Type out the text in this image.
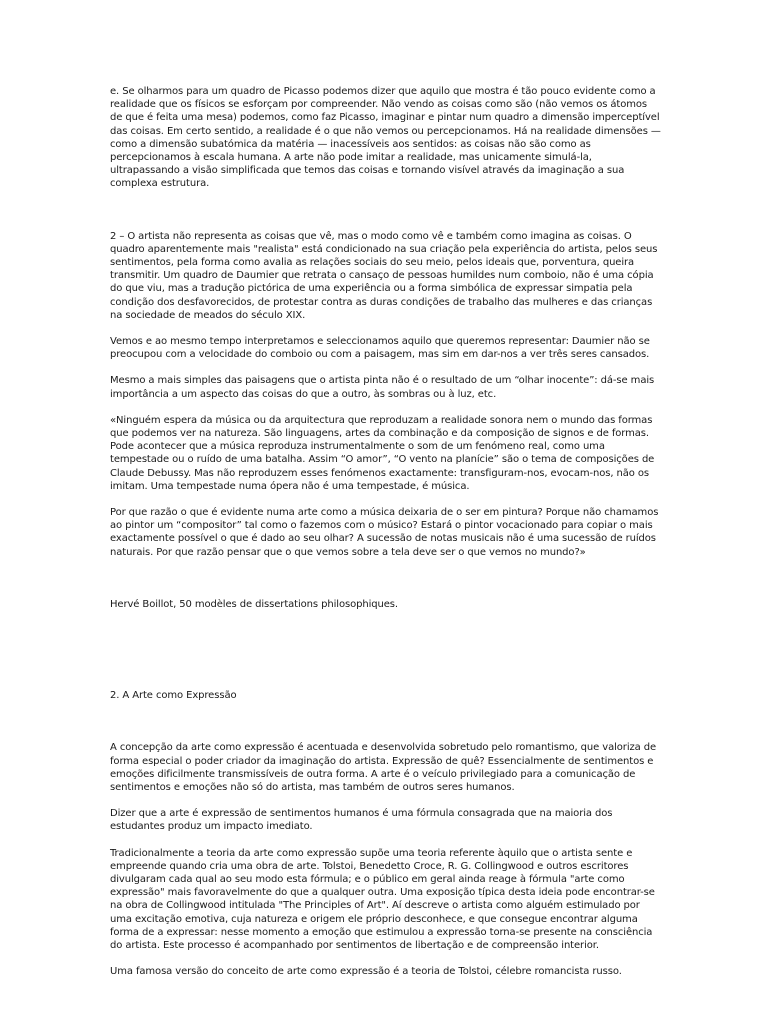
e. Se olharmos para um quadro de Picasso podemos dizer que aquilo que mostra é tão pouco evidente como a realidade que os físicos se esforçam por compreender. Não vendo as coisas como são (não vemos os átomos de que é feita uma mesa) podemos, como faz Picasso, imaginar e pintar num quadro a dimensão imperceptível das coisas. Em certo sentido, a realidade é o que não vemos ou percepcionamos. Há na realidade dimensões — como a dimensão subatómica da matéria — inacessíveis aos sentidos: as coisas não são como as percepcionamos à escala humana. A arte não pode imitar a realidade, mas unicamente simulá-la, ultrapassando a visão simplificada que temos das coisas e tornando visível através da imaginação a sua complexa estrutura.

2 – O artista não representa as coisas que vê, mas o modo como vê e também como imagina as coisas. O quadro aparentemente mais "realista" está condicionado na sua criação pela experiência do artista, pelos seus sentimentos, pela forma como avalia as relações sociais do seu meio, pelos ideais que, porventura, queira transmitir. Um quadro de Daumier que retrata o cansaço de pessoas humildes num comboio, não é uma cópia do que viu, mas a tradução pictórica de uma experiência ou a forma simbólica de expressar simpatia pela condição dos desfavorecidos, de protestar contra as duras condições de trabalho das mulheres e das crianças na sociedade de meados do século XIX.

Vemos e ao mesmo tempo interpretamos e seleccionamos aquilo que queremos representar: Daumier não se preocupou com a velocidade do comboio ou com a paisagem, mas sim em dar-nos a ver três seres cansados.

Mesmo a mais simples das paisagens que o artista pinta não é o resultado de um “olhar inocente”: dá-se mais importância a um aspecto das coisas do que a outro, às sombras ou à luz, etc.

«Ninguém espera da música ou da arquitectura que reproduzam a realidade sonora nem o mundo das formas que podemos ver na natureza. São linguagens, artes da combinação e da composição de signos e de formas. Pode acontecer que a música reproduza instrumentalmente o som de um fenómeno real, como uma tempestade ou o ruído de uma batalha. Assim “O amor”, “O vento na planície” são o tema de composições de Claude Debussy. Mas não reproduzem esses fenómenos exactamente: transfiguram-nos, evocam-nos, não os imitam. Uma tempestade numa ópera não é uma tempestade, é música.

Por que razão o que é evidente numa arte como a música deixaria de o ser em pintura? Porque não chamamos ao pintor um “compositor” tal como o fazemos com o músico? Estará o pintor vocacionado para copiar o mais exactamente possível o que é dado ao seu olhar? A sucessão de notas musicais não é uma sucessão de ruídos naturais. Por que razão pensar que o que vemos sobre a tela deve ser o que vemos no mundo?»

Hervé Boillot, 50 modèles de dissertations philosophiques.

2. A Arte como Expressão

A concepção da arte como expressão é acentuada e desenvolvida sobretudo pelo romantismo, que valoriza de forma especial o poder criador da imaginação do artista. Expressão de quê? Essencialmente de sentimentos e emoções dificilmente transmissíveis de outra forma. A arte é o veículo privilegiado para a comunicação de sentimentos e emoções não só do artista, mas também de outros seres humanos.

Dizer que a arte é expressão de sentimentos humanos é uma fórmula consagrada que na maioria dos estudantes produz um impacto imediato.

Tradicionalmente a teoria da arte como expressão supõe uma teoria referente àquilo que o artista sente e empreende quando cria uma obra de arte. Tolstoi, Benedetto Croce, R. G. Collingwood e outros escritores divulgaram cada qual ao seu modo esta fórmula; e o público em geral ainda reage à fórmula "arte como expressão" mais favoravelmente do que a qualquer outra. Uma exposição típica desta ideia pode encontrar-se na obra de Collingwood intitulada "The Principles of Art". Aí descreve o artista como alguém estimulado por uma excitação emotiva, cuja natureza e origem ele próprio desconhece, e que consegue encontrar alguma forma de a expressar: nesse momento a emoção que estimulou a expressão torna-se presente na consciência do artista. Este processo é acompanhado por sentimentos de libertação e de compreensão interior.

Uma famosa versão do conceito de arte como expressão é a teoria de Tolstoi, célebre romancista russo.
